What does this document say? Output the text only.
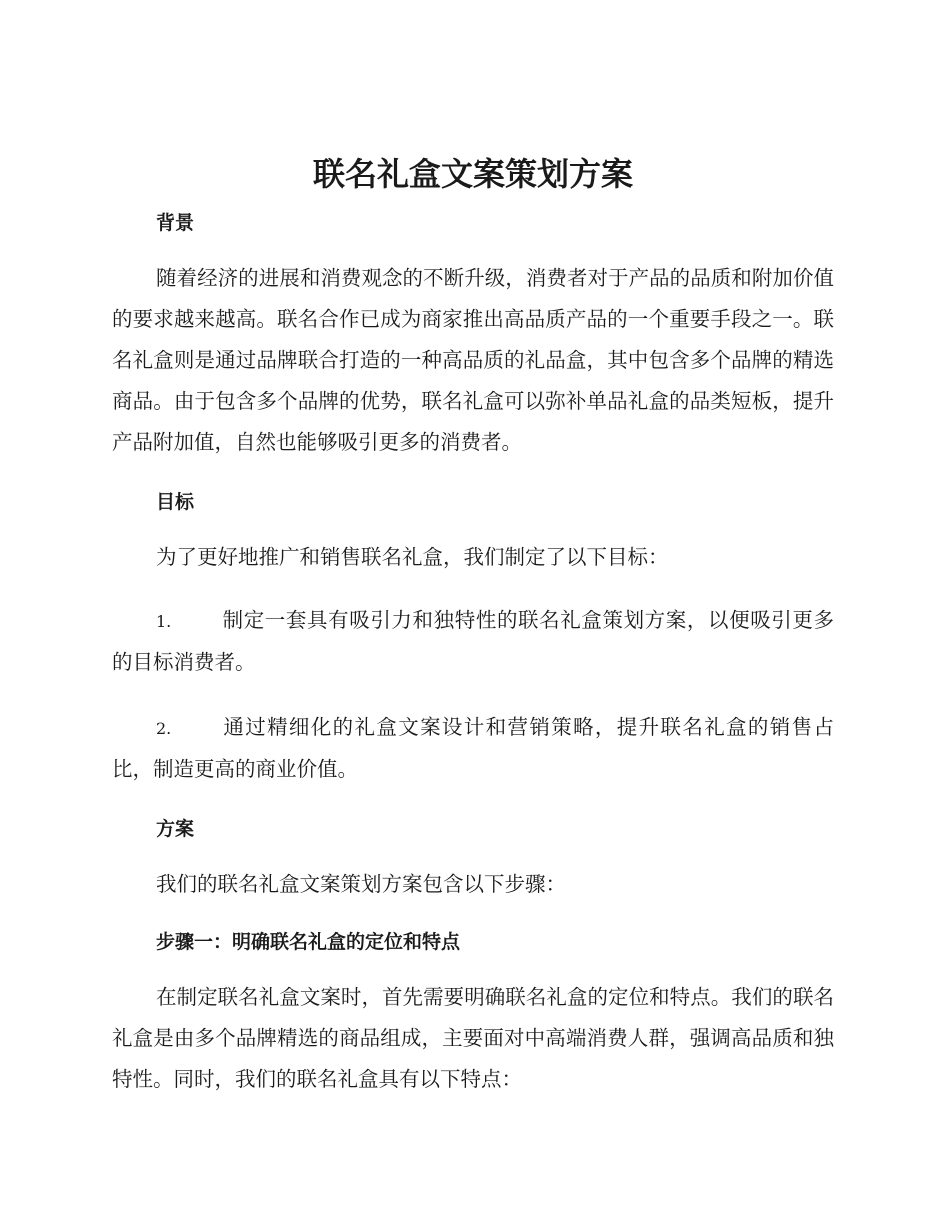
联名礼盒文案策划方案
背景

随着经济的进展和消费观念的不断升级，消费者对于产品的品质和附加价值的要求越来越高。联名合作已成为商家推出高品质产品的一个重要手段之一。联名礼盒则是通过品牌联合打造的一种高品质的礼品盒，其中包含多个品牌的精选商品。由于包含多个品牌的优势，联名礼盒可以弥补单品礼盒的品类短板，提升产品附加值，自然也能够吸引更多的消费者。

目标

为了更好地推广和销售联名礼盒，我们制定了以下目标：

1. 制定一套具有吸引力和独特性的联名礼盒策划方案，以便吸引更多的目标消费者。

2. 通过精细化的礼盒文案设计和营销策略，提升联名礼盒的销售占比，制造更高的商业价值。

方案

我们的联名礼盒文案策划方案包含以下步骤：

步骤一：明确联名礼盒的定位和特点

在制定联名礼盒文案时，首先需要明确联名礼盒的定位和特点。我们的联名礼盒是由多个品牌精选的商品组成，主要面对中高端消费人群，强调高品质和独特性。同时，我们的联名礼盒具有以下特点：
